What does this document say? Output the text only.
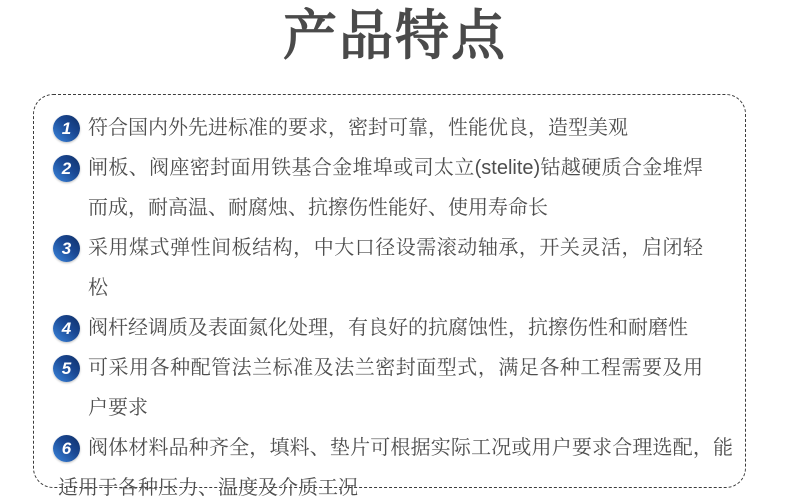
产品特点
1 符合国内外先进标准的要求，密封可靠，性能优良，造型美观
2 闸板、阀座密封面用铁基合金堆埠或司太立(stelite)钴越硬质合金堆焊而成，耐高温、耐腐烛、抗擦伤性能好、使用寿命长
3 采用煤式弹性间板结构，中大口径设需滚动轴承，开关灵活，启闭轻松
4 阀杆经调质及表面氮化处理，有良好的抗腐蚀性，抗擦伤性和耐磨性
5 可采用各种配管法兰标准及法兰密封面型式，满足各种工程需要及用户要求
6 阀体材料品种齐全，填料、垫片可根据实际工况或用户要求合理选配，能适用于各种压力、温度及介质工况
